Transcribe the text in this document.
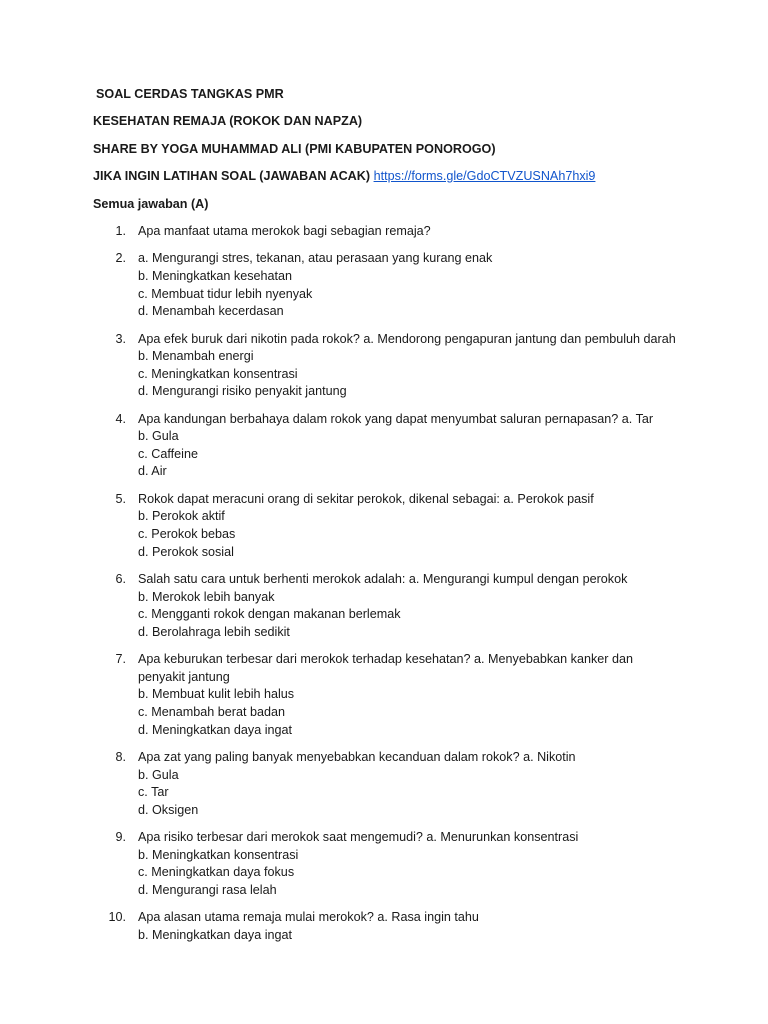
SOAL CERDAS TANGKAS PMR
KESEHATAN REMAJA (ROKOK DAN NAPZA)
SHARE BY YOGA MUHAMMAD ALI (PMI KABUPATEN PONOROGO)
JIKA INGIN LATIHAN SOAL (JAWABAN ACAK) https://forms.gle/GdoCTVZUSNAh7hxi9
Semua jawaban (A)
1. Apa manfaat utama merokok bagi sebagian remaja?
2. a. Mengurangi stres, tekanan, atau perasaan yang kurang enak
b. Meningkatkan kesehatan
c. Membuat tidur lebih nyenyak
d. Menambah kecerdasan
3. Apa efek buruk dari nikotin pada rokok? a. Mendorong pengapuran jantung dan pembuluh darah
b. Menambah energi
c. Meningkatkan konsentrasi
d. Mengurangi risiko penyakit jantung
4. Apa kandungan berbahaya dalam rokok yang dapat menyumbat saluran pernapasan? a. Tar
b. Gula
c. Caffeine
d. Air
5. Rokok dapat meracuni orang di sekitar perokok, dikenal sebagai: a. Perokok pasif
b. Perokok aktif
c. Perokok bebas
d. Perokok sosial
6. Salah satu cara untuk berhenti merokok adalah: a. Mengurangi kumpul dengan perokok
b. Merokok lebih banyak
c. Mengganti rokok dengan makanan berlemak
d. Berolahraga lebih sedikit
7. Apa keburukan terbesar dari merokok terhadap kesehatan? a. Menyebabkan kanker dan penyakit jantung
b. Membuat kulit lebih halus
c. Menambah berat badan
d. Meningkatkan daya ingat
8. Apa zat yang paling banyak menyebabkan kecanduan dalam rokok? a. Nikotin
b. Gula
c. Tar
d. Oksigen
9. Apa risiko terbesar dari merokok saat mengemudi? a. Menurunkan konsentrasi
b. Meningkatkan konsentrasi
c. Meningkatkan daya fokus
d. Mengurangi rasa lelah
10. Apa alasan utama remaja mulai merokok? a. Rasa ingin tahu
b. Meningkatkan daya ingat
